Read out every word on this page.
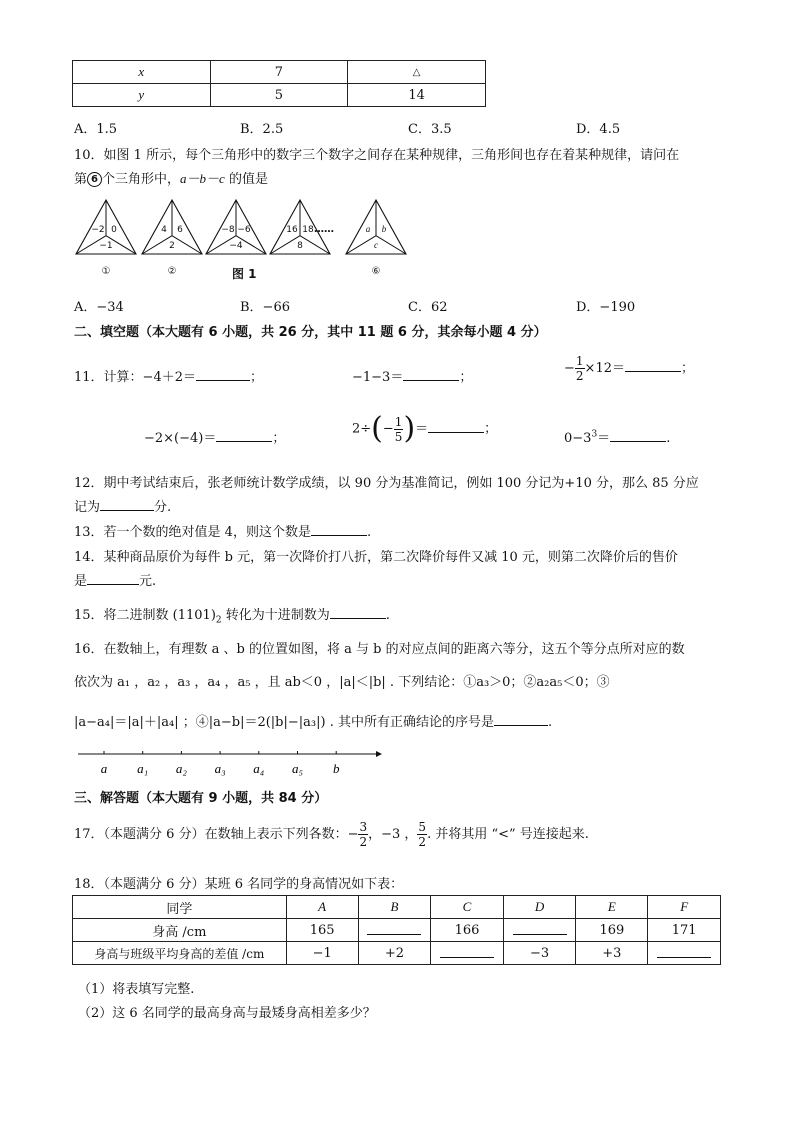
x	7	△
y	5	14
A．1.5	B．2.5	C．3.5	D．4.5
10．如图 1 所示，每个三角形中的数字三个数字之间存在某种规律，三角形间也存在着某种规律，请问在
第 6 个三角形中，a－b－c 的值是
−2 0
−1
①
4 6
2
②
−8 −6
−4
16 18
8
a b
c
⑥
……
图 1
A．−34	B．−66	C．62	D．−190
二、填空题（本大题有 6 小题，共 26 分，其中 11 题 6 分，其余每小题 4 分）
11．计算：−4＋2＝	；	−1−3＝	；
− $\frac{1}{2} \times 12=$	；
−2×(−4)＝	；
$2\div(- \frac{1}{5}$ )＝	；
$0-3^3=$	.
12．期中考试结束后，张老师统计数学成绩，以 90 分为基准简记，例如 100 分记为+10 分，那么 85 分应
记为	分.
13．若一个数的绝对值是 4，则这个数是	.
14．某种商品原价为每件 b 元，第一次降价打八折，第二次降价每件又减 10 元，则第二次降价后的售价
是	元.
15．将二进制数 $(1101)_2$ 转化为十进制数为	.
16．在数轴上，有理数 a 、b 的位置如图，将 a 与 b 的对应点间的距离六等分，这五个等分点所对应的数
依次为 a₁ ，a₂ ，a₃ ，a₄ ，a₅ ，且 ab＜0 ，|a|＜|b| . 下列结论：①a₃＞0；②a₂a₅＜0；③
|a−a₄|＝|a|＋|a₄| ；④|a−b|＝2(|b|−|a₃|) . 其中所有正确结论的序号是	.
a a₁ a₂ a₃ a₄ a₅ b
三、解答题（本大题有 9 小题，共 84 分）
17．（本题满分 6 分）在数轴上表示下列各数：− $\frac{3}{2}$ ，−3 ， $\frac{5}{2}$ . 并将其用 “<” 号连接起来.
18．（本题满分 6 分）某班 6 名同学的身高情况如下表：
同学	A	B	C	D	E	F
身高 /cm	165		166		169	171
身高与班级平均身高的差值 /cm	−1	+2		−3	+3	
（1）将表填写完整.
（2）这 6 名同学的最高身高与最矮身高相差多少？
